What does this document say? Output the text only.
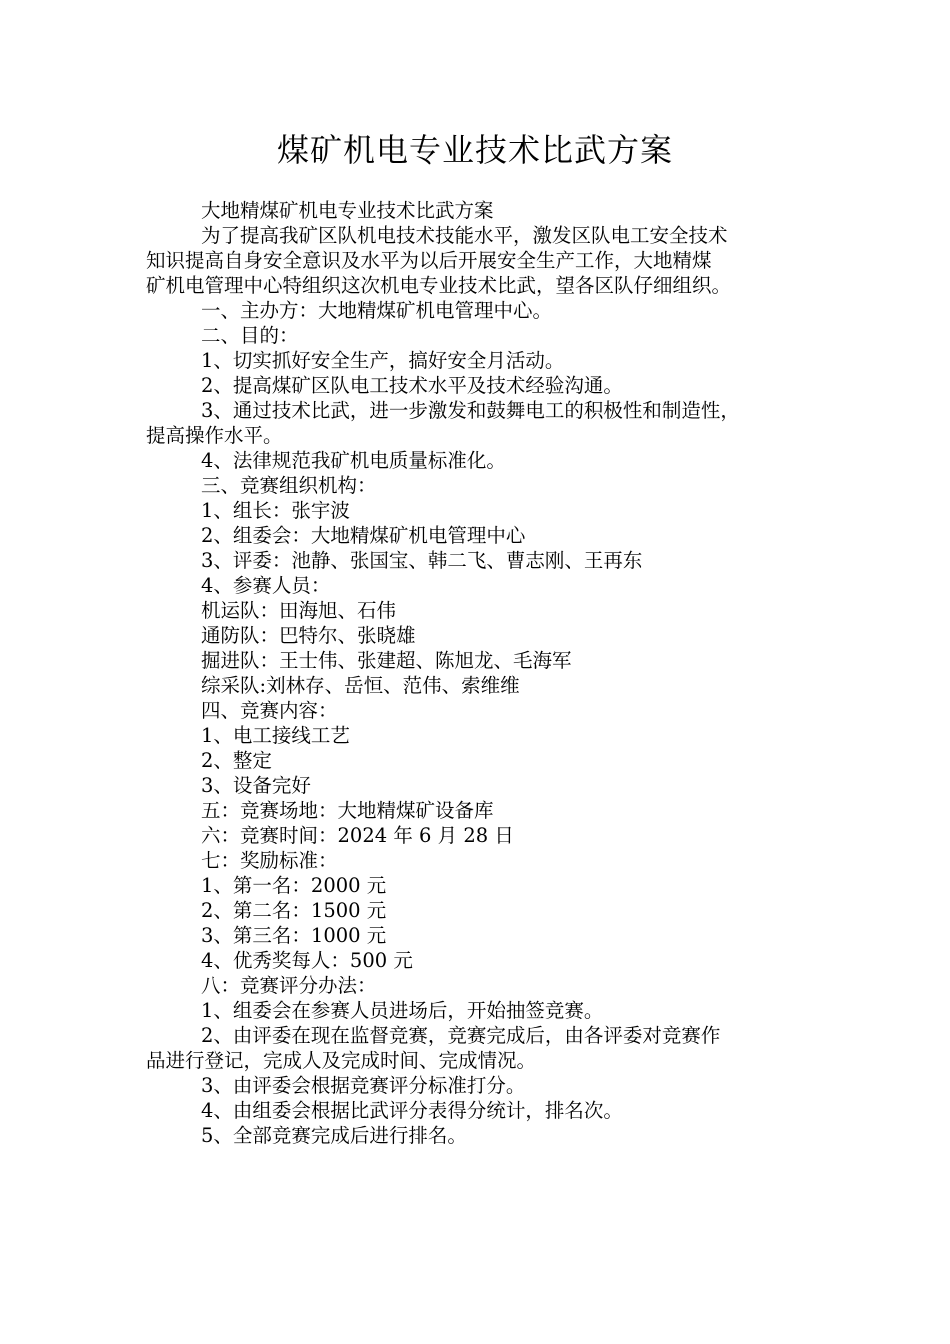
煤矿机电专业技术比武方案
大地精煤矿机电专业技术比武方案
为了提高我矿区队机电技术技能水平，激发区队电工安全技术
知识提高自身安全意识及水平为以后开展安全生产工作，大地精煤
矿机电管理中心特组织这次机电专业技术比武，望各区队仔细组织。
一、主办方：大地精煤矿机电管理中心。
二、目的：
1、切实抓好安全生产，搞好安全月活动。
2、提高煤矿区队电工技术水平及技术经验沟通。
3、通过技术比武，进一步激发和鼓舞电工的积极性和制造性，
提高操作水平。
4、法律规范我矿机电质量标准化。
三、竞赛组织机构：
1、组长：张宇波
2、组委会：大地精煤矿机电管理中心
3、评委：池静、张国宝、韩二飞、曹志刚、王再东
4、参赛人员：
机运队：田海旭、石伟
通防队：巴特尔、张晓雄
掘进队：王士伟、张建超、陈旭龙、毛海军
综采队:刘林存、岳恒、范伟、索维维
四、竞赛内容：
1、电工接线工艺
2、整定
3、设备完好
五：竞赛场地：大地精煤矿设备库
六：竞赛时间：2024 年 6 月 28 日
七：奖励标准：
1、第一名：2000 元
2、第二名：1500 元
3、第三名：1000 元
4、优秀奖每人：500 元
八：竞赛评分办法：
1、组委会在参赛人员进场后，开始抽签竞赛。
2、由评委在现在监督竞赛，竞赛完成后，由各评委对竞赛作
品进行登记，完成人及完成时间、完成情况。
3、由评委会根据竞赛评分标准打分。
4、由组委会根据比武评分表得分统计，排名次。
5、全部竞赛完成后进行排名。
